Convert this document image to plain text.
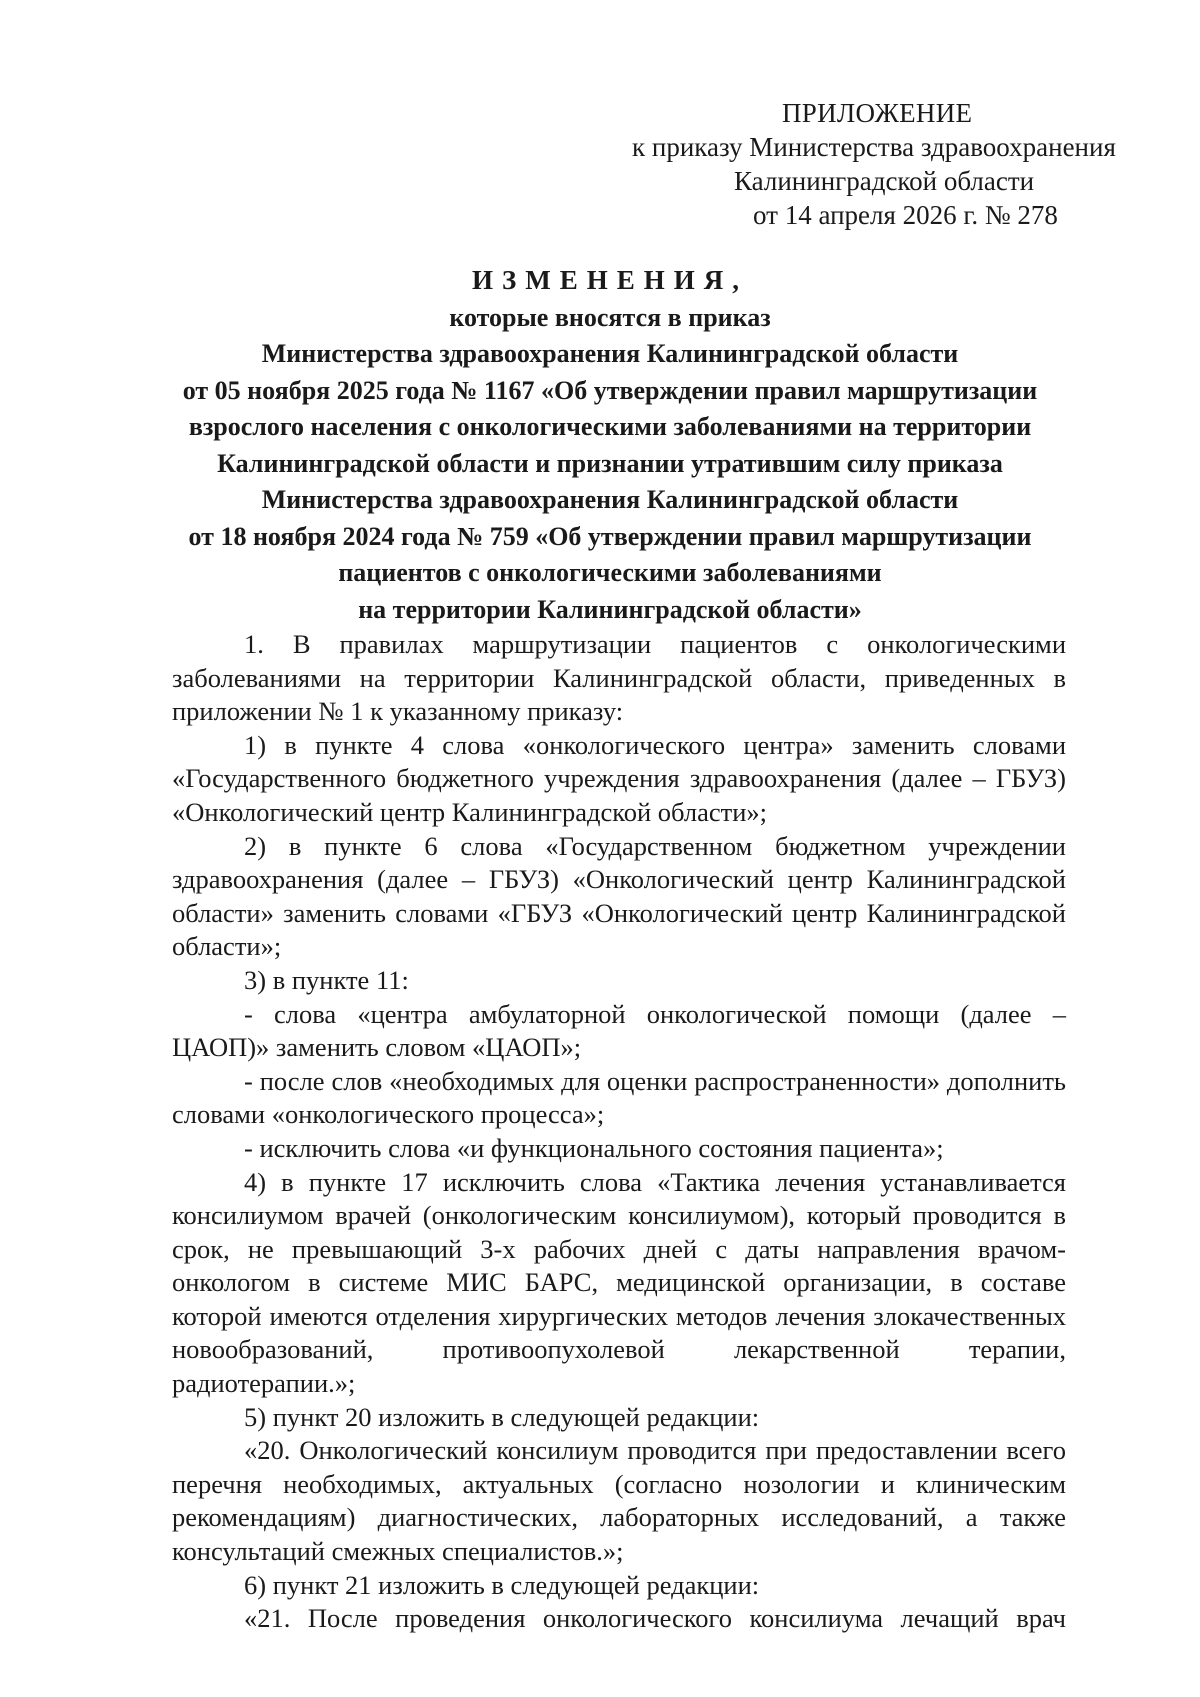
ПРИЛОЖЕНИЕ
к приказу Министерства здравоохранения
Калининградской области
от 14 апреля 2026 г. № 278
ИЗМЕНЕНИЯ,
которые вносятся в приказ
Министерства здравоохранения Калининградской области
от 05 ноября 2025 года № 1167 «Об утверждении правил маршрутизации
взрослого населения с онкологическими заболеваниями на территории
Калининградской области и признании утратившим силу приказа
Министерства здравоохранения Калининградской области
от 18 ноября 2024 года № 759 «Об утверждении правил маршрутизации
пациентов с онкологическими заболеваниями
на территории Калининградской области»

1. В правилах маршрутизации пациентов с онкологическими заболеваниями на территории Калининградской области, приведенных в приложении № 1 к указанному приказу:

1) в пункте 4 слова «онкологического центра» заменить словами «Государственного бюджетного учреждения здравоохранения (далее – ГБУЗ) «Онкологический центр Калининградской области»;

2) в пункте 6 слова «Государственном бюджетном учреждении здравоохранения (далее – ГБУЗ) «Онкологический центр Калининградской области» заменить словами «ГБУЗ «Онкологический центр Калининградской области»;

3) в пункте 11:

- слова «центра амбулаторной онкологической помощи (далее – ЦАОП)» заменить словом «ЦАОП»;

- после слов «необходимых для оценки распространенности» дополнить словами «онкологического процесса»;

- исключить слова «и функционального состояния пациента»;

4) в пункте 17 исключить слова «Тактика лечения устанавливается консилиумом врачей (онкологическим консилиумом), который проводится в срок, не превышающий 3-х рабочих дней с даты направления врачом-онкологом в системе МИС БАРС, медицинской организации, в составе которой имеются отделения хирургических методов лечения злокачественных новообразований, противоопухолевой лекарственной терапии, радиотерапии.»;

5) пункт 20 изложить в следующей редакции:

«20. Онкологический консилиум проводится при предоставлении всего перечня необходимых, актуальных (согласно нозологии и клиническим рекомендациям) диагностических, лабораторных исследований, а также консультаций смежных специалистов.»;

6) пункт 21 изложить в следующей редакции:

«21. После проведения онкологического консилиума лечащий врач
